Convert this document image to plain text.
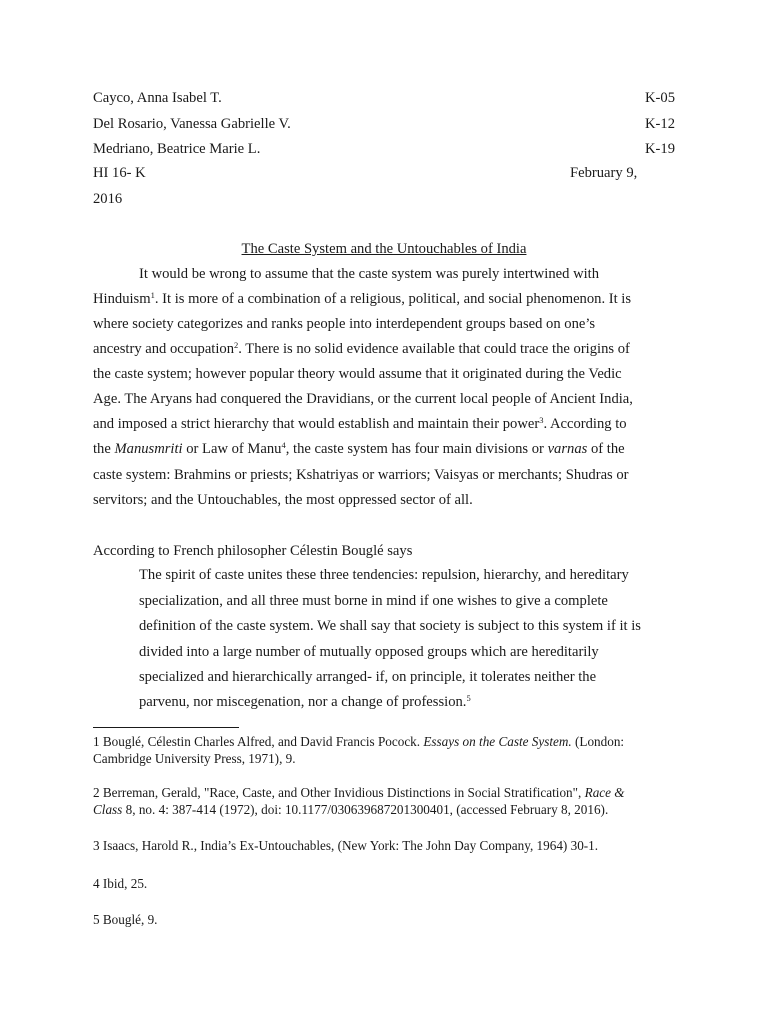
Cayco, Anna Isabel T.	K-05
Del Rosario, Vanessa Gabrielle V.	K-12
Medriano, Beatrice Marie L.	K-19
HI 16- K	February 9,
2016
The Caste System and the Untouchables of India
It would be wrong to assume that the caste system was purely intertwined with
Hinduism$^1$. It is more of a combination of a religious, political, and social phenomenon. It is
where society categorizes and ranks people into interdependent groups based on one’s
ancestry and occupation$^2$. There is no solid evidence available that could trace the origins of
the caste system; however popular theory would assume that it originated during the Vedic
Age. The Aryans had conquered the Dravidians, or the current local people of Ancient India,
and imposed a strict hierarchy that would establish and maintain their power$^3$. According to
the Manusmriti or Law of Manu$^4$, the caste system has four main divisions or varnas of the
caste system: Brahmins or priests; Kshatriyas or warriors; Vaisyas or merchants; Shudras or
servitors; and the Untouchables, the most oppressed sector of all.
According to French philosopher Célestin Bouglé says
The spirit of caste unites these three tendencies: repulsion, hierarchy, and hereditary
specialization, and all three must borne in mind if one wishes to give a complete
definition of the caste system. We shall say that society is subject to this system if it is
divided into a large number of mutually opposed groups which are hereditarily
specialized and hierarchically arranged- if, on principle, it tolerates neither the
parvenu, nor miscegenation, nor a change of profession.$^5$
1 Bouglé, Célestin Charles Alfred, and David Francis Pocock. Essays on the Caste System. (London:
Cambridge University Press, 1971), 9.
2 Berreman, Gerald, "Race, Caste, and Other Invidious Distinctions in Social Stratification", Race &
Class 8, no. 4: 387-414 (1972), doi: 10.1177/030639687201300401, (accessed February 8, 2016).
3 Isaacs, Harold R., India’s Ex-Untouchables, (New York: The John Day Company, 1964) 30-1.
4 Ibid, 25.
5 Bouglé, 9.
